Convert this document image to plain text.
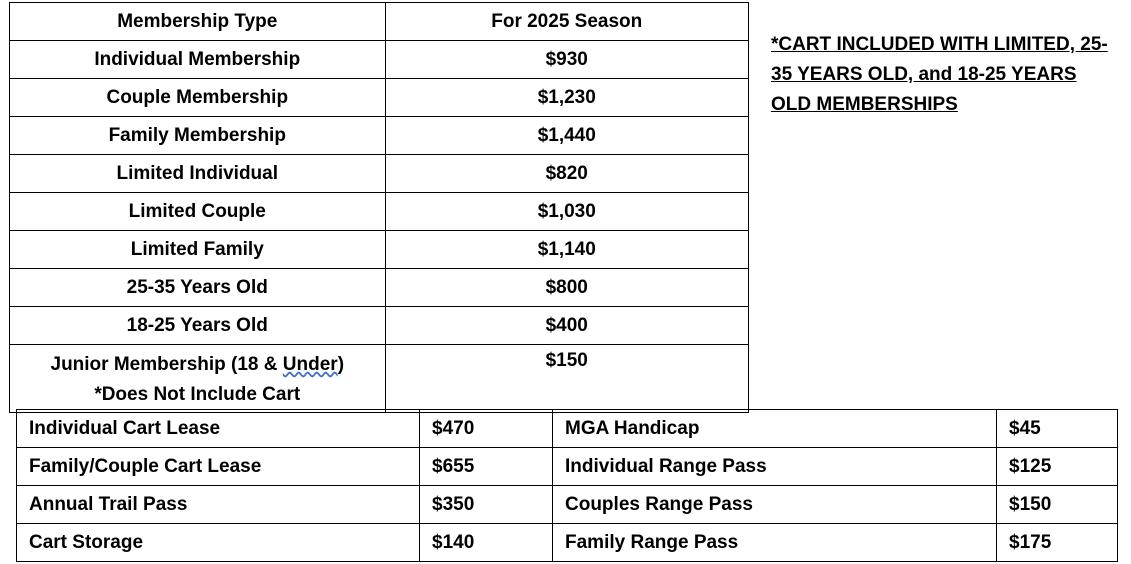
Membership Type	For 2025 Season
Individual Membership	$930
Couple Membership	$1,230
Family Membership	$1,440
Limited Individual	$820
Limited Couple	$1,030
Limited Family	$1,140
25-35 Years Old	$800
18-25 Years Old	$400

Junior Membership (18 & Under)
*Does Not Include Cart	$150
*CART INCLUDED WITH LIMITED, 25-35 YEARS OLD, and 18-25 YEARS OLD MEMBERSHIPS
Individual Cart Lease	$470	MGA Handicap	$45
Family/Couple Cart Lease	$655	Individual Range Pass	$125
Annual Trail Pass	$350	Couples Range Pass	$150
Cart Storage	$140	Family Range Pass	$175
